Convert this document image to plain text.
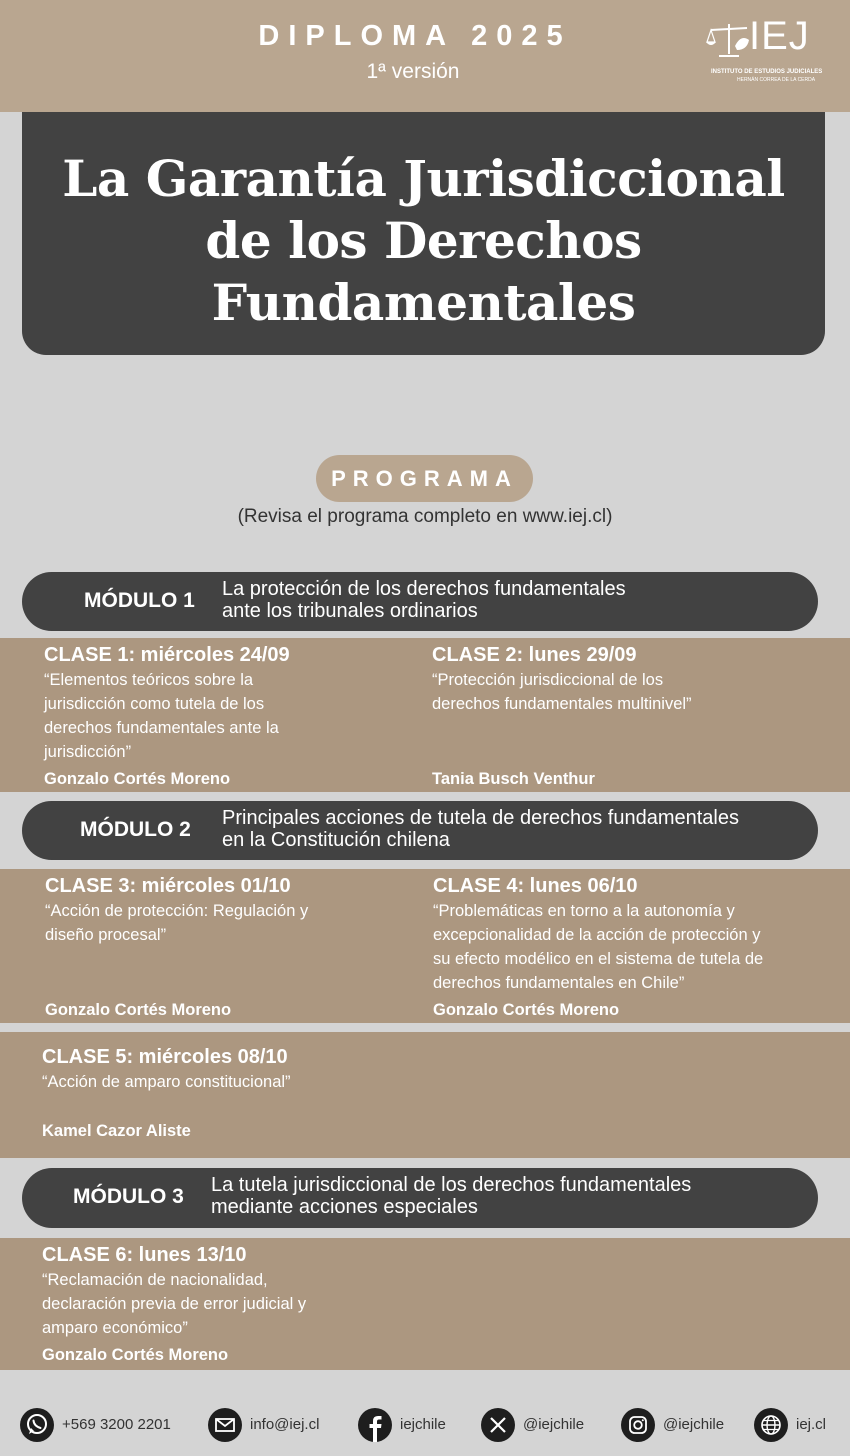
DIPLOMA 2025
1ª versión
IEJ
INSTITUTO DE ESTUDIOS JUDICIALES
HERNÁN CORREA DE LA CERDA
La Garantía Jurisdiccional
de los Derechos
Fundamentales
PROGRAMA
(Revisa el programa completo en www.iej.cl)
MÓDULO 1 La protección de los derechos fundamentales
ante los tribunales ordinarios

CLASE 1: miércoles 24/09

“Elementos teóricos sobre la
jurisdicción como tutela de los
derechos fundamentales ante la
jurisdicción”

Gonzalo Cortés Moreno

CLASE 2: lunes 29/09

“Protección jurisdiccional de los
derechos fundamentales multinivel”

Tania Busch Venthur
MÓDULO 2 Principales acciones de tutela de derechos fundamentales
en la Constitución chilena

CLASE 3: miércoles 01/10

“Acción de protección: Regulación y
diseño procesal”

Gonzalo Cortés Moreno

CLASE 4: lunes 06/10

“Problemáticas en torno a la autonomía y
excepcionalidad de la acción de protección y
su efecto modélico en el sistema de tutela de
derechos fundamentales en Chile”

Gonzalo Cortés Moreno

CLASE 5: miércoles 08/10

“Acción de amparo constitucional”

Kamel Cazor Aliste
MÓDULO 3 La tutela jurisdiccional de los derechos fundamentales
mediante acciones especiales

CLASE 6: lunes 13/10

“Reclamación de nacionalidad,
declaración previa de error judicial y
amparo económico”

Gonzalo Cortés Moreno
+569 3200 2201	info@iej.cl	iejchile	@iejchile	@iejchile	iej.cl
